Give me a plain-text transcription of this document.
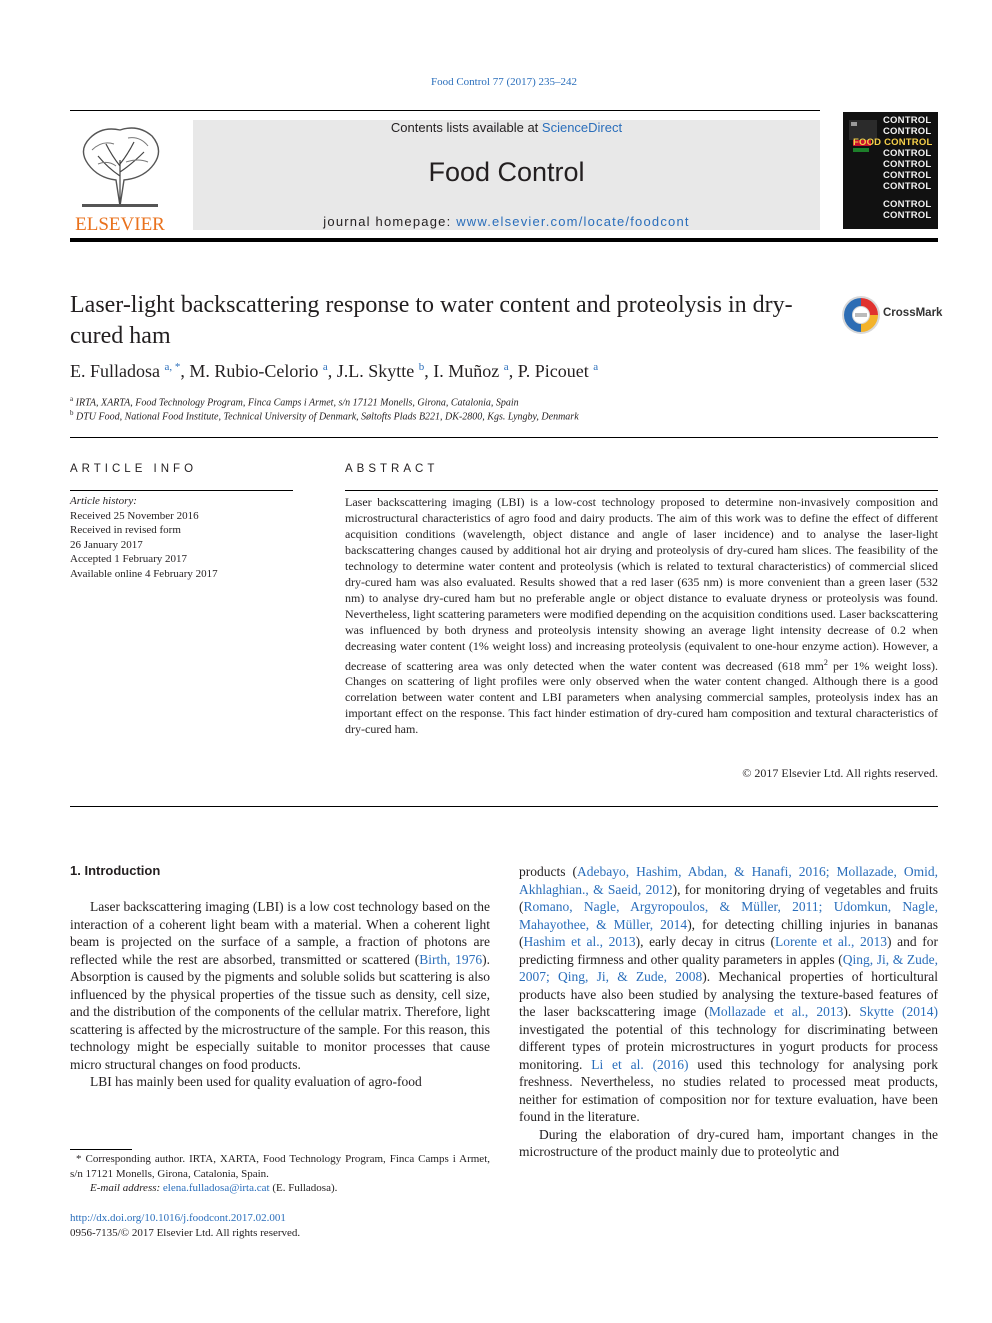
Food Control 77 (2017) 235–242
ELSEVIER
Contents lists available at ScienceDirect
Food Control
journal homepage: www.elsevier.com/locate/foodcont
CONTROL
CONTROL
FOOD CONTROL
CONTROL
CONTROL
CONTROL
CONTROL
CONTROL
CONTROL
Laser-light backscattering response to water content and proteolysis in dry-cured ham
CrossMark
E. Fulladosa $^{a, *}$, M. Rubio-Celorio $^a$, J.L. Skytte $^b$, I. Muñoz $^a$, P. Picouet $^a$
$^a$ IRTA, XARTA, Food Technology Program, Finca Camps i Armet, s/n 17121 Monells, Girona, Catalonia, Spain
$^b$ DTU Food, National Food Institute, Technical University of Denmark, Søltofts Plads B221, DK-2800, Kgs. Lyngby, Denmark
ARTICLE INFO
Article history:
Received 25 November 2016
Received in revised form
26 January 2017
Accepted 1 February 2017
Available online 4 February 2017
ABSTRACT
Laser backscattering imaging (LBI) is a low-cost technology proposed to determine non-invasively composition and microstructural characteristics of agro food and dairy products. The aim of this work was to define the effect of different acquisition conditions (wavelength, object distance and angle of laser incidence) and to analyse the laser-light backscattering changes caused by additional hot air drying and proteolysis of dry-cured ham slices. The feasibility of the technology to determine water content and proteolysis (which is related to textural characteristics) of commercial sliced dry-cured ham was also evaluated. Results showed that a red laser (635 nm) is more convenient than a green laser (532 nm) to analyse dry-cured ham but no preferable angle or object distance to evaluate dryness or proteolysis was found. Nevertheless, light scattering parameters were modified depending on the acquisition conditions used. Laser backscattering was influenced by both dryness and proteolysis intensity showing an average light intensity decrease of 0.2 when decreasing water content (1% weight loss) and increasing proteolysis (equivalent to one-hour enzyme action). However, a decrease of scattering area was only detected when the water content was decreased (618 $mm^2$ per 1% weight loss). Changes on scattering of light profiles were only observed when the water content changed. Although there is a good correlation between water content and LBI parameters when analysing commercial samples, proteolysis index has an important effect on the response. This fact hinder estimation of dry-cured ham composition and textural characteristics of dry-cured ham.
© 2017 Elsevier Ltd. All rights reserved.
1. Introduction

Laser backscattering imaging (LBI) is a low cost technology based on the interaction of a coherent light beam with a material. When a coherent light beam is projected on the surface of a sample, a fraction of photons are reflected while the rest are absorbed, transmitted or scattered (Birth, 1976). Absorption is caused by the pigments and soluble solids but scattering is also influenced by the physical properties of the tissue such as density, cell size, and the distribution of the components of the cellular matrix. Therefore, light scattering is affected by the microstructure of the sample. For this reason, this technology might be especially suitable to monitor processes that cause micro structural changes on food products.

LBI has mainly been used for quality evaluation of agro-food

products (Adebayo, Hashim, Abdan, & Hanafi, 2016; Mollazade, Omid, Akhlaghian., & Saeid, 2012), for monitoring drying of vegetables and fruits (Romano, Nagle, Argyropoulos, & Müller, 2011; Udomkun, Nagle, Mahayothee, & Müller, 2014), for detecting chilling injuries in bananas (Hashim et al., 2013), early decay in citrus (Lorente et al., 2013) and for predicting firmness and other quality parameters in apples (Qing, Ji, & Zude, 2007; Qing, Ji, & Zude, 2008). Mechanical properties of horticultural products have also been studied by analysing the texture-based features of the laser backscattering image (Mollazade et al., 2013). Skytte (2014) investigated the potential of this technology for discriminating between different types of protein microstructures in yogurt products for process monitoring. Li et al. (2016) used this technology for analysing pork freshness. Nevertheless, no studies related to processed meat products, neither for estimation of composition nor for texture evaluation, have been found in the literature.

During the elaboration of dry-cured ham, important changes in the microstructure of the product mainly due to proteolytic and

* Corresponding author. IRTA, XARTA, Food Technology Program, Finca Camps i Armet, s/n 17121 Monells, Girona, Catalonia, Spain.
E-mail address: elena.fulladosa@irta.cat (E. Fulladosa).
http://dx.doi.org/10.1016/j.foodcont.2017.02.001
0956-7135/© 2017 Elsevier Ltd. All rights reserved.
